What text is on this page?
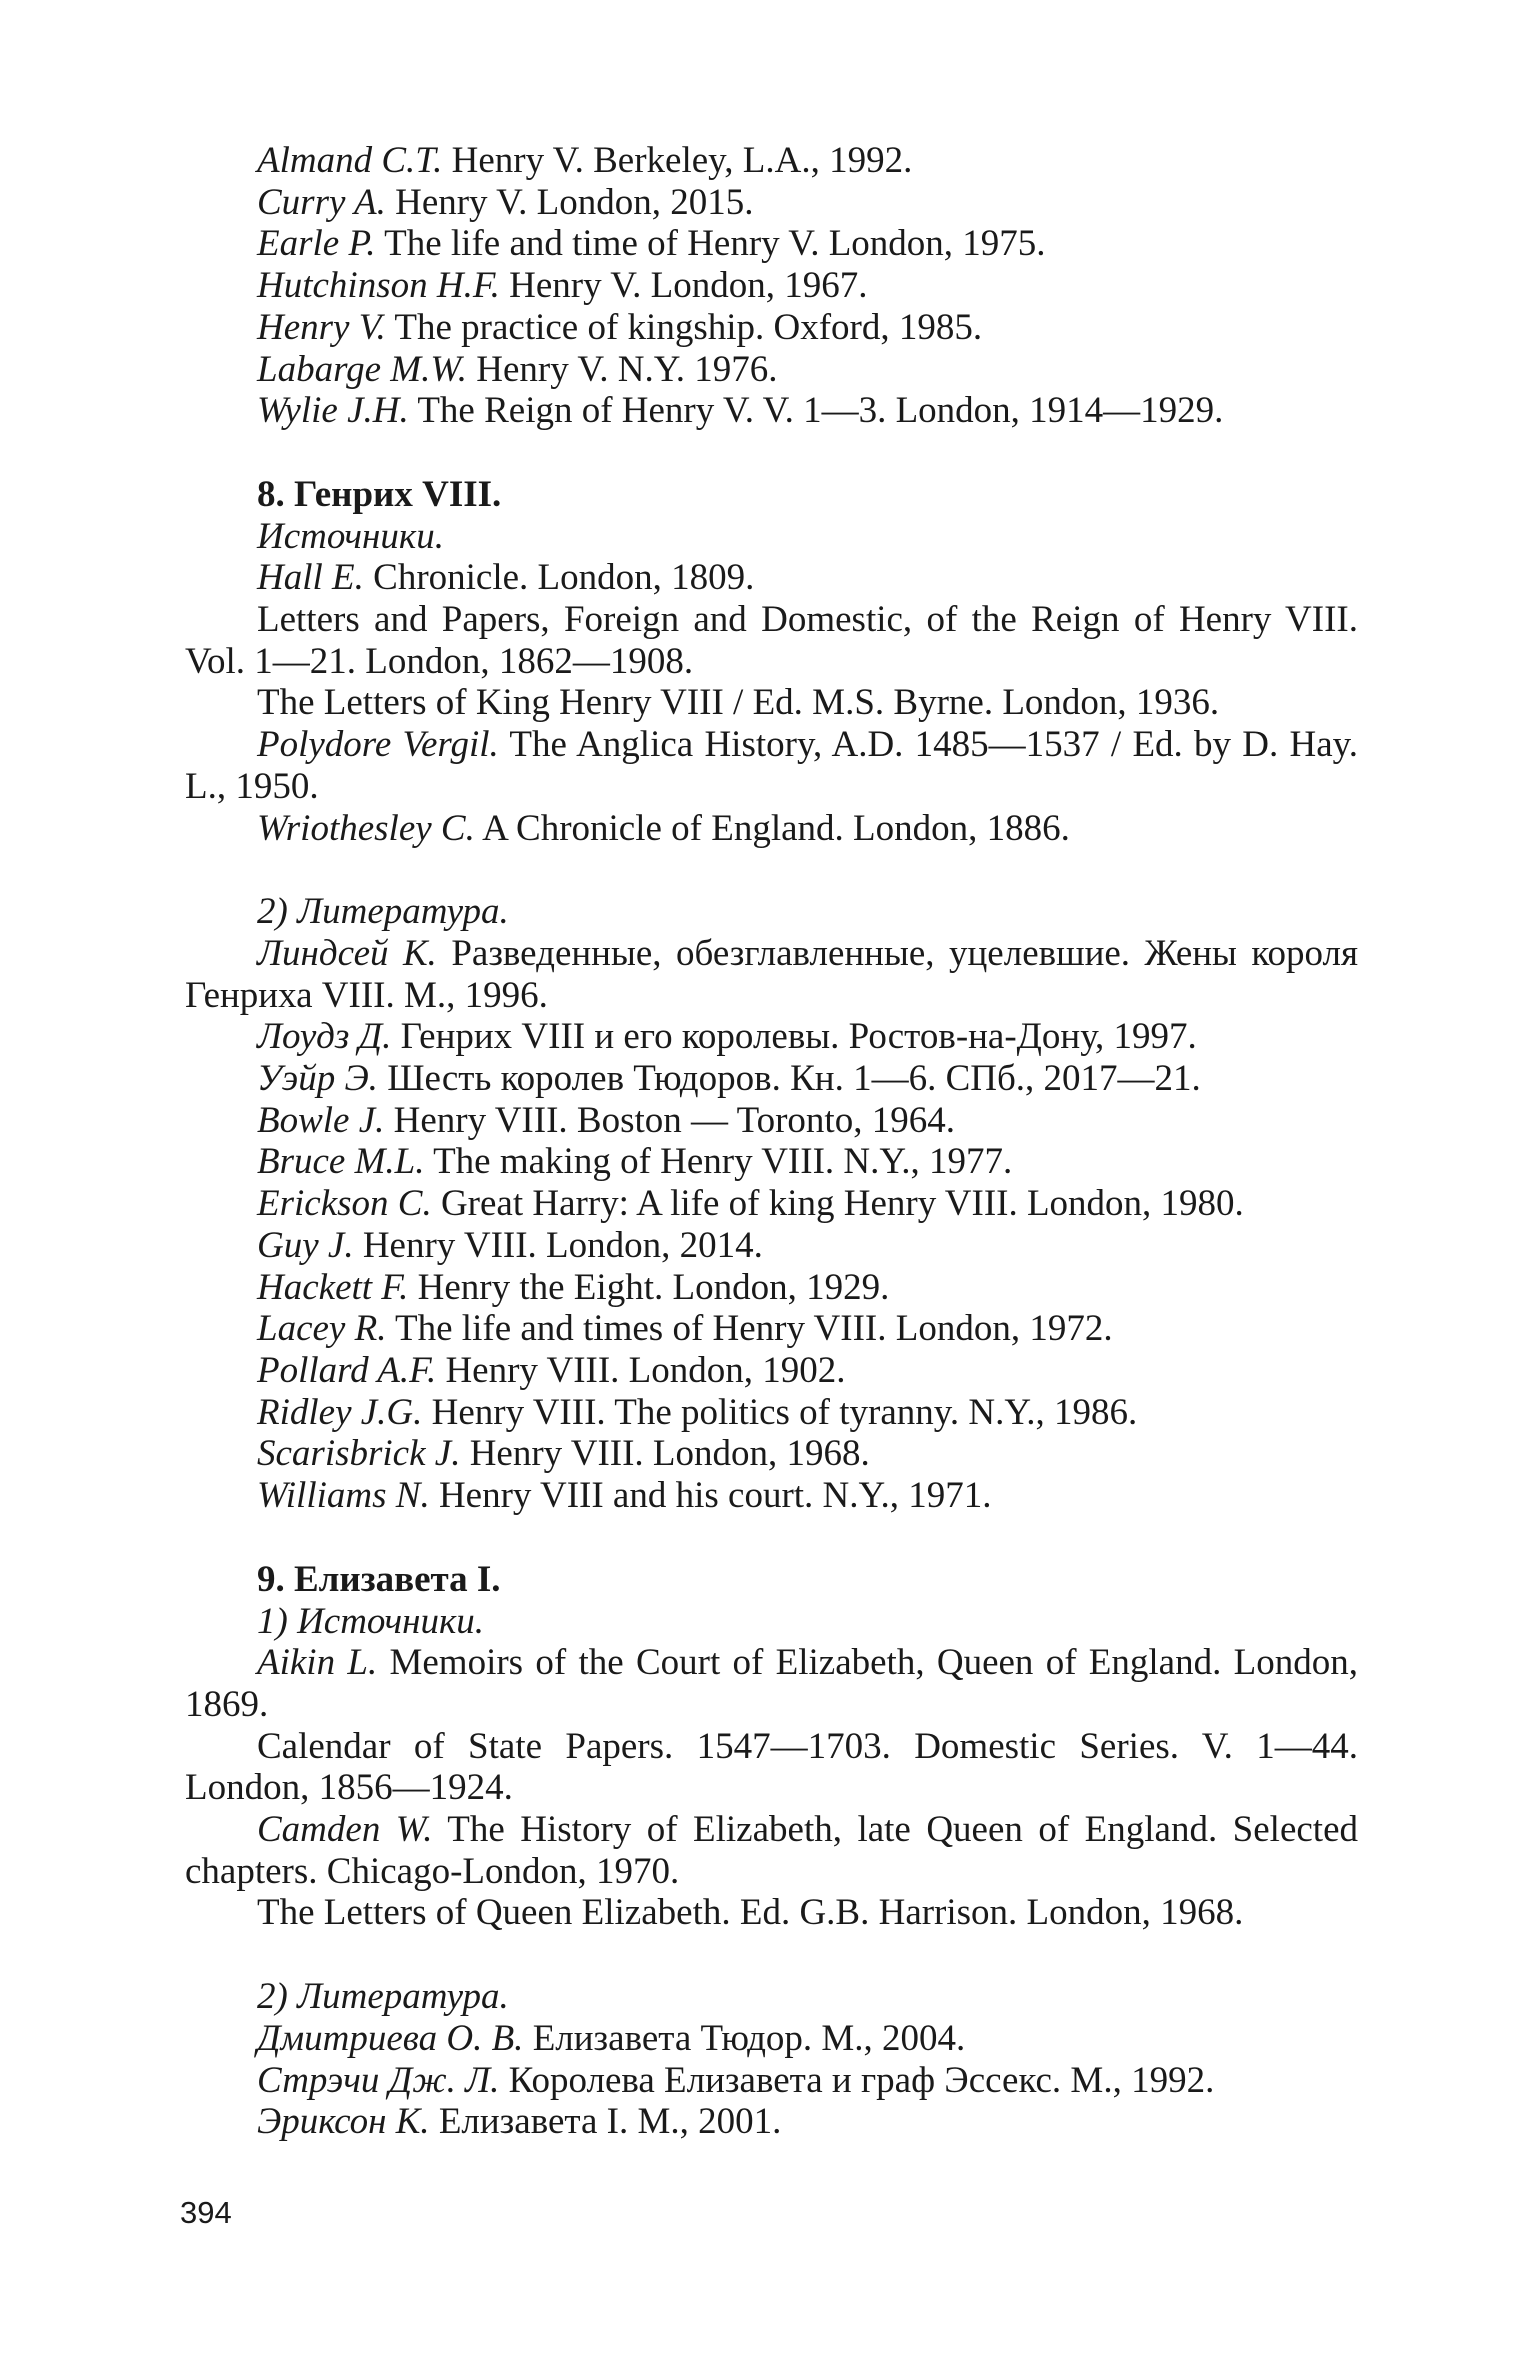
Almand C.T. Henry V. Berkeley, L.A., 1992.

Curry A. Henry V. London, 2015.

Earle P. The life and time of Henry V. London, 1975.

Hutchinson H.F. Henry V. London, 1967.

Henry V. The practice of kingship. Oxford, 1985.

Labarge M.W. Henry V. N.Y. 1976.

Wylie J.H. The Reign of Henry V. V. 1—3. London, 1914—1929.

8. Генрих VIII.

Источники.

Hall E. Chronicle. London, 1809.

Letters and Papers, Foreign and Domestic, of the Reign of Henry VIII. Vol. 1—21. London, 1862—1908.

The Letters of King Henry VIII / Ed. M.S. Byrne. London, 1936.

Polydore Vergil. The Anglica History, A.D. 1485—1537 / Ed. by D. Hay. L., 1950.

Wriothesley C. A Chronicle of England. London, 1886.

2) Литература.

Линдсей К. Разведенные, обезглавленные, уцелевшие. Жены короля Генриха VIII. М., 1996.

Лоудз Д. Генрих VIII и его королевы. Ростов-на-Дону, 1997.

Уэйр Э. Шесть королев Тюдоров. Кн. 1—6. СПб., 2017—21.

Bowle J. Henry VIII. Boston — Toronto, 1964.

Bruce M.L. The making of Henry VIII. N.Y., 1977.

Erickson C. Great Harry: A life of king Henry VIII. London, 1980.

Guy J. Henry VIII. London, 2014.

Hackett F. Henry the Eight. London, 1929.

Lacey R. The life and times of Henry VIII. London, 1972.

Pollard A.F. Henry VIII. London, 1902.

Ridley J.G. Henry VIII. The politics of tyranny. N.Y., 1986.

Scarisbrick J. Henry VIII. London, 1968.

Williams N. Henry VIII and his court. N.Y., 1971.

9. Елизавета I.

1) Источники.

Aikin L. Memoirs of the Court of Elizabeth, Queen of England. London, 1869.

Calendar of State Papers. 1547—1703. Domestic Series. V. 1—44. London, 1856—1924.

Camden W. The History of Elizabeth, late Queen of England. Selected chapters. Chicago-London, 1970.

The Letters of Queen Elizabeth. Ed. G.B. Harrison. London, 1968.

2) Литература.

Дмитриева О. В. Елизавета Тюдор. М., 2004.

Стрэчи Дж. Л. Королева Елизавета и граф Эссекс. М., 1992.

Эриксон К. Елизавета I. М., 2001.

394
